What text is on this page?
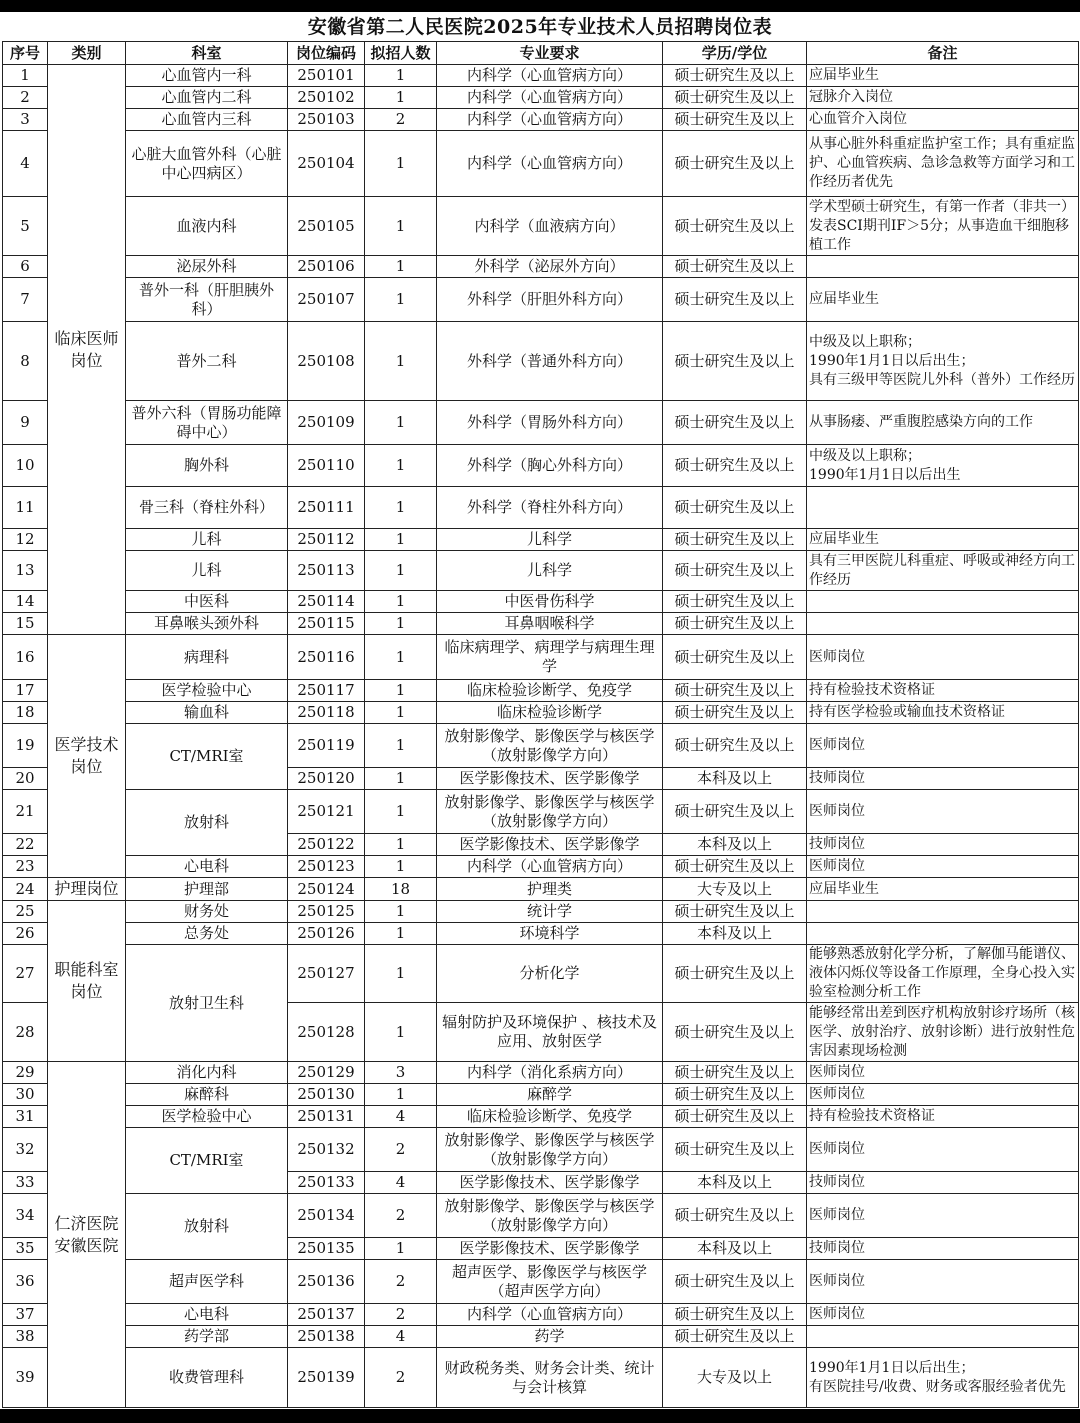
安徽省第二人民医院2025年专业技术人员招聘岗位表
序号	类别	科室	岗位编码	拟招人数	专业要求	学历/学位	备注
1	临床医师岗位	心血管内一科	250101	1	内科学（心血管病方向）	硕士研究生及以上	应届毕业生
2		心血管内二科	250102	1	内科学（心血管病方向）	硕士研究生及以上	冠脉介入岗位
3		心血管内三科	250103	2	内科学（心血管病方向）	硕士研究生及以上	心血管介入岗位
4		心脏大血管外科（心脏中心四病区）	250104	1	内科学（心血管病方向）	硕士研究生及以上	从事心脏外科重症监护室工作；具有重症监护、心血管疾病、急诊急救等方面学习和工作经历者优先
5		血液内科	250105	1	内科学（血液病方向）	硕士研究生及以上	学术型硕士研究生，有第一作者（非共一）发表SCI期刊IF＞5分；从事造血干细胞移植工作
6		泌尿外科	250106	1	外科学（泌尿外方向）	硕士研究生及以上	
7		普外一科（肝胆胰外科）	250107	1	外科学（肝胆外科方向）	硕士研究生及以上	应届毕业生
8		普外二科	250108	1	外科学（普通外科方向）	硕士研究生及以上	中级及以上职称；
1990年1月1日以后出生；
具有三级甲等医院儿外科（普外）工作经历
9		普外六科（胃肠功能障碍中心）	250109	1	外科学（胃肠外科方向）	硕士研究生及以上	从事肠痿、严重腹腔感染方向的工作
10		胸外科	250110	1	外科学（胸心外科方向）	硕士研究生及以上	中级及以上职称；
1990年1月1日以后出生
11		骨三科（脊柱外科）	250111	1	外科学（脊柱外科方向）	硕士研究生及以上	
12		儿科	250112	1	儿科学	硕士研究生及以上	应届毕业生
13		儿科	250113	1	儿科学	硕士研究生及以上	具有三甲医院儿科重症、呼吸或神经方向工作经历
14		中医科	250114	1	中医骨伤科学	硕士研究生及以上	
15		耳鼻喉头颈外科	250115	1	耳鼻咽喉科学	硕士研究生及以上	
16	医学技术岗位	病理科	250116	1	临床病理学、病理学与病理生理学	硕士研究生及以上	医师岗位
17		医学检验中心	250117	1	临床检验诊断学、免疫学	硕士研究生及以上	持有检验技术资格证
18		输血科	250118	1	临床检验诊断学	硕士研究生及以上	持有医学检验或输血技术资格证
19		CT/MRI室	250119	1	放射影像学、影像医学与核医学（放射影像学方向）	硕士研究生及以上	医师岗位
20			250120	1	医学影像技术、医学影像学	本科及以上	技师岗位
21		放射科	250121	1	放射影像学、影像医学与核医学（放射影像学方向）	硕士研究生及以上	医师岗位
22			250122	1	医学影像技术、医学影像学	本科及以上	技师岗位
23		心电科	250123	1	内科学（心血管病方向）	硕士研究生及以上	医师岗位
24	护理岗位	护理部	250124	18	护理类	大专及以上	应届毕业生
25	职能科室岗位	财务处	250125	1	统计学	硕士研究生及以上	
26		总务处	250126	1	环境科学	本科及以上	
27		放射卫生科	250127	1	分析化学	硕士研究生及以上	能够熟悉放射化学分析，了解伽马能谱仪、液体闪烁仪等设备工作原理，全身心投入实验室检测分析工作
28			250128	1	辐射防护及环境保护 、核技术及应用、放射医学	硕士研究生及以上	能够经常出差到医疗机构放射诊疗场所（核医学、放射治疗、放射诊断）进行放射性危害因素现场检测
29	仁济医院安徽医院	消化内科	250129	3	内科学（消化系病方向）	硕士研究生及以上	医师岗位
30		麻醉科	250130	1	麻醉学	硕士研究生及以上	医师岗位
31		医学检验中心	250131	4	临床检验诊断学、免疫学	硕士研究生及以上	持有检验技术资格证
32		CT/MRI室	250132	2	放射影像学、影像医学与核医学（放射影像学方向）	硕士研究生及以上	医师岗位
33			250133	4	医学影像技术、医学影像学	本科及以上	技师岗位
34		放射科	250134	2	放射影像学、影像医学与核医学（放射影像学方向）	硕士研究生及以上	医师岗位
35			250135	1	医学影像技术、医学影像学	本科及以上	技师岗位
36		超声医学科	250136	2	超声医学、影像医学与核医学（超声医学方向）	硕士研究生及以上	医师岗位
37		心电科	250137	2	内科学（心血管病方向）	硕士研究生及以上	医师岗位
38		药学部	250138	4	药学	硕士研究生及以上	
39		收费管理科	250139	2	财政税务类、财务会计类、统计与会计核算	大专及以上	1990年1月1日以后出生；
有医院挂号/收费、财务或客服经验者优先
